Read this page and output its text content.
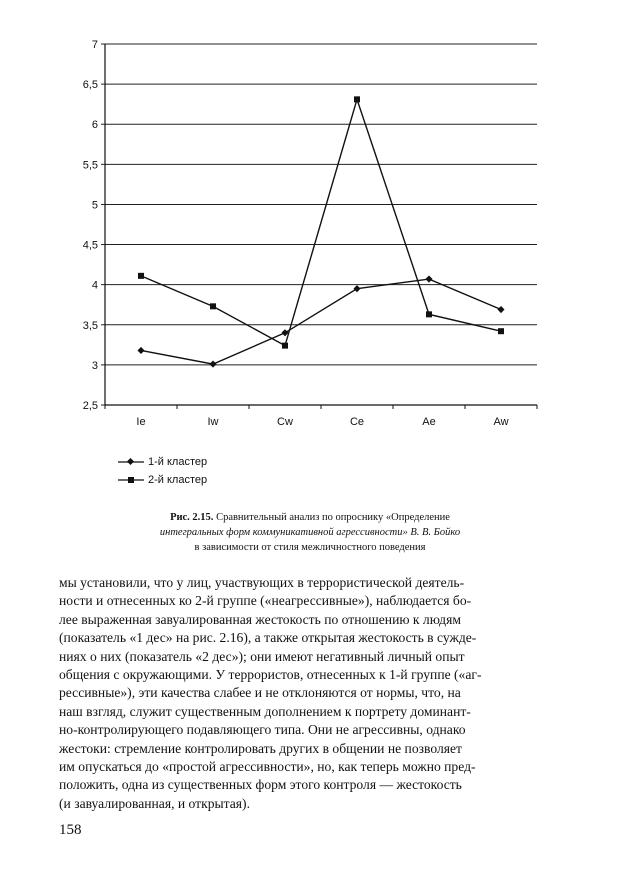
2,5
3
3,5
4
4,5
5
5,5
6
6,5
7
Ie	Iw	Cw	Ce	Ae	Aw
1-й кластер
2-й кластер
Рис. 2.15. Сравнительный анализ по опроснику «Определение
интегральных форм коммуникативной агрессивности» В. В. Бойко
в зависимости от стиля межличностного поведения

мы установили, что у лиц, участвующих в террористической деятель-

ности и отнесенных ко 2-й группе («неагрессивные»), наблюдается бо-

лее выраженная завуалированная жестокость по отношению к людям

(показатель «1 дес» на рис. 2.16), а также открытая жестокость в сужде-

ниях о них (показатель «2 дес»); они имеют негативный личный опыт

общения с окружающими. У террористов, отнесенных к 1-й группе («аг-

рессивные»), эти качества слабее и не отклоняются от нормы, что, на

наш взгляд, служит существенным дополнением к портрету доминант-

но-контролирующего подавляющего типа. Они не агрессивны, однако

жестоки: стремление контролировать других в общении не позволяет

им опускаться до «простой агрессивности», но, как теперь можно пред-

положить, одна из существенных форм этого контроля — жестокость

(и завуалированная, и открытая).

158
